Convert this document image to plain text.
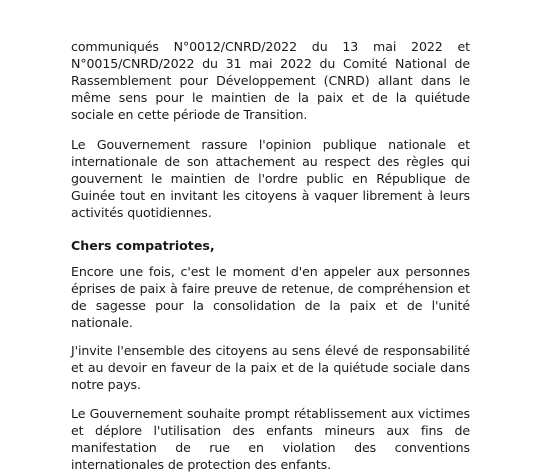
communiqués N°0012/CNRD/2022 du 13 mai 2022 et N°0015/CNRD/2022 du 31 mai 2022 du Comité National de Rassemblement pour Développement (CNRD) allant dans le même sens pour le maintien de la paix et de la quiétude sociale en cette période de Transition.

Le Gouvernement rassure l'opinion publique nationale et internationale de son attachement au respect des règles qui gouvernent le maintien de l'ordre public en République de Guinée tout en invitant les citoyens à vaquer librement à leurs activités quotidiennes.

Chers compatriotes,

Encore une fois, c'est le moment d'en appeler aux personnes éprises de paix à faire preuve de retenue, de compréhension et de sagesse pour la consolidation de la paix et de l'unité nationale.

J'invite l'ensemble des citoyens au sens élevé de responsabilité et au devoir en faveur de la paix et de la quiétude sociale dans notre pays.

Le Gouvernement souhaite prompt rétablissement aux victimes et déplore l'utilisation des enfants mineurs aux fins de manifestation de rue en violation des conventions internationales de protection des enfants.
